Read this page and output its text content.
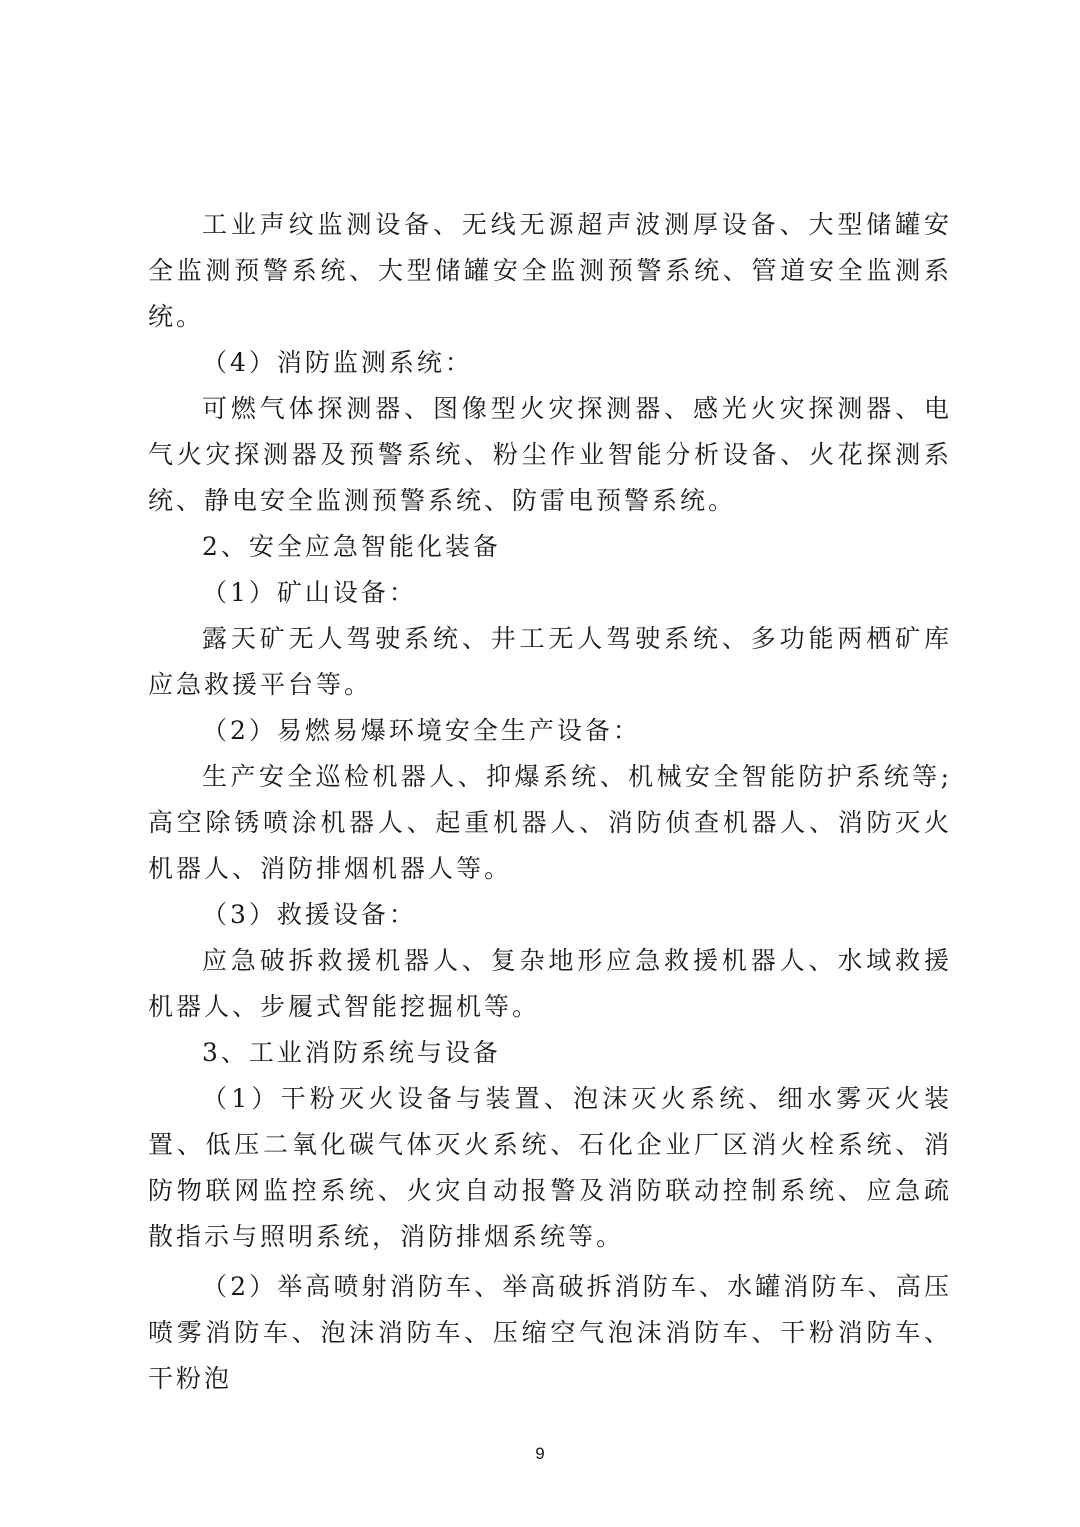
工业声纹监测设备、无线无源超声波测厚设备、大型储罐安全监测预警系统、大型储罐安全监测预警系统、管道安全监测系统。

（4）消防监测系统：

可燃气体探测器、图像型火灾探测器、感光火灾探测器、电气火灾探测器及预警系统、粉尘作业智能分析设备、火花探测系统、静电安全监测预警系统、防雷电预警系统。

2、安全应急智能化装备

（1）矿山设备：

露天矿无人驾驶系统、井工无人驾驶系统、多功能两栖矿库应急救援平台等。

（2）易燃易爆环境安全生产设备：

生产安全巡检机器人、抑爆系统、机械安全智能防护系统等;高空除锈喷涂机器人、起重机器人、消防侦查机器人、消防灭火机器人、消防排烟机器人等。

（3）救援设备：

应急破拆救援机器人、复杂地形应急救援机器人、水域救援机器人、步履式智能挖掘机等。

3、工业消防系统与设备

（1）干粉灭火设备与装置、泡沫灭火系统、细水雾灭火装置、低压二氧化碳气体灭火系统、石化企业厂区消火栓系统、消防物联网监控系统、火灾自动报警及消防联动控制系统、应急疏散指示与照明系统，消防排烟系统等。

（2）举高喷射消防车、举高破拆消防车、水罐消防车、高压喷雾消防车、泡沫消防车、压缩空气泡沫消防车、干粉消防车、干粉泡

9
